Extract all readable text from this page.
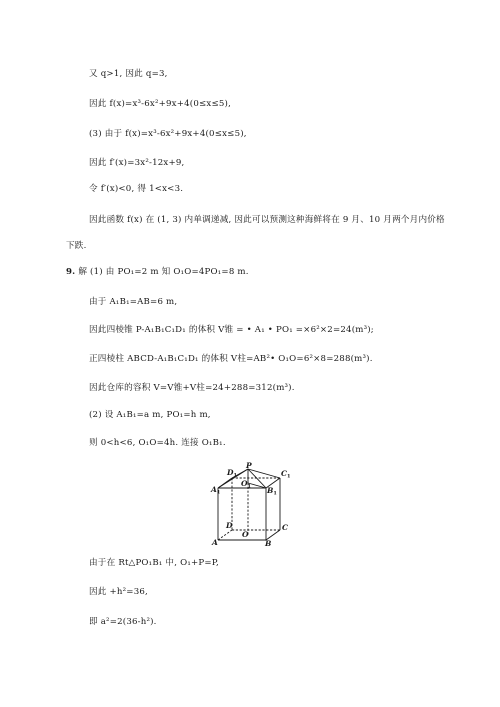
又 q>1, 因此 q=3,
因此 f(x)=x³-6x²+9x+4(0≤x≤5),
(3) 由于 f(x)=x³-6x²+9x+4(0≤x≤5),
因此 f′(x)=3x²-12x+9,
令 f′(x)<0, 得 1<x<3.
因此函数 f(x) 在 (1, 3) 内单调递减, 因此可以预测这种海鲜将在 9 月、10 月两个月内价格
下跌.
9. 解 (1) 由 PO₁=2 m 知 O₁O=4PO₁=8 m.
由于 A₁B₁=AB=6 m,
因此四棱锥 P-A₁B₁C₁D₁ 的体积 V锥 = • A₁ • PO₁ =×6²×2=24(m³);
正四棱柱 ABCD-A₁B₁C₁D₁ 的体积 V柱=AB²• O₁O=6²×8=288(m³).
因此仓库的容积 V=V锥+V柱=24+288=312(m³).
(2) 设 A₁B₁=a m, PO₁=h m,
则 0<h<6, O₁O=4h. 连接 O₁B₁.
$D_1$
P
$C_1$
$A_1$	$B_1$
$O_1$
D
O
C
A	B
由于在 Rt△PO₁B₁ 中, O₁+P=P,
因此 +h²=36,
即 a²=2(36-h²).
